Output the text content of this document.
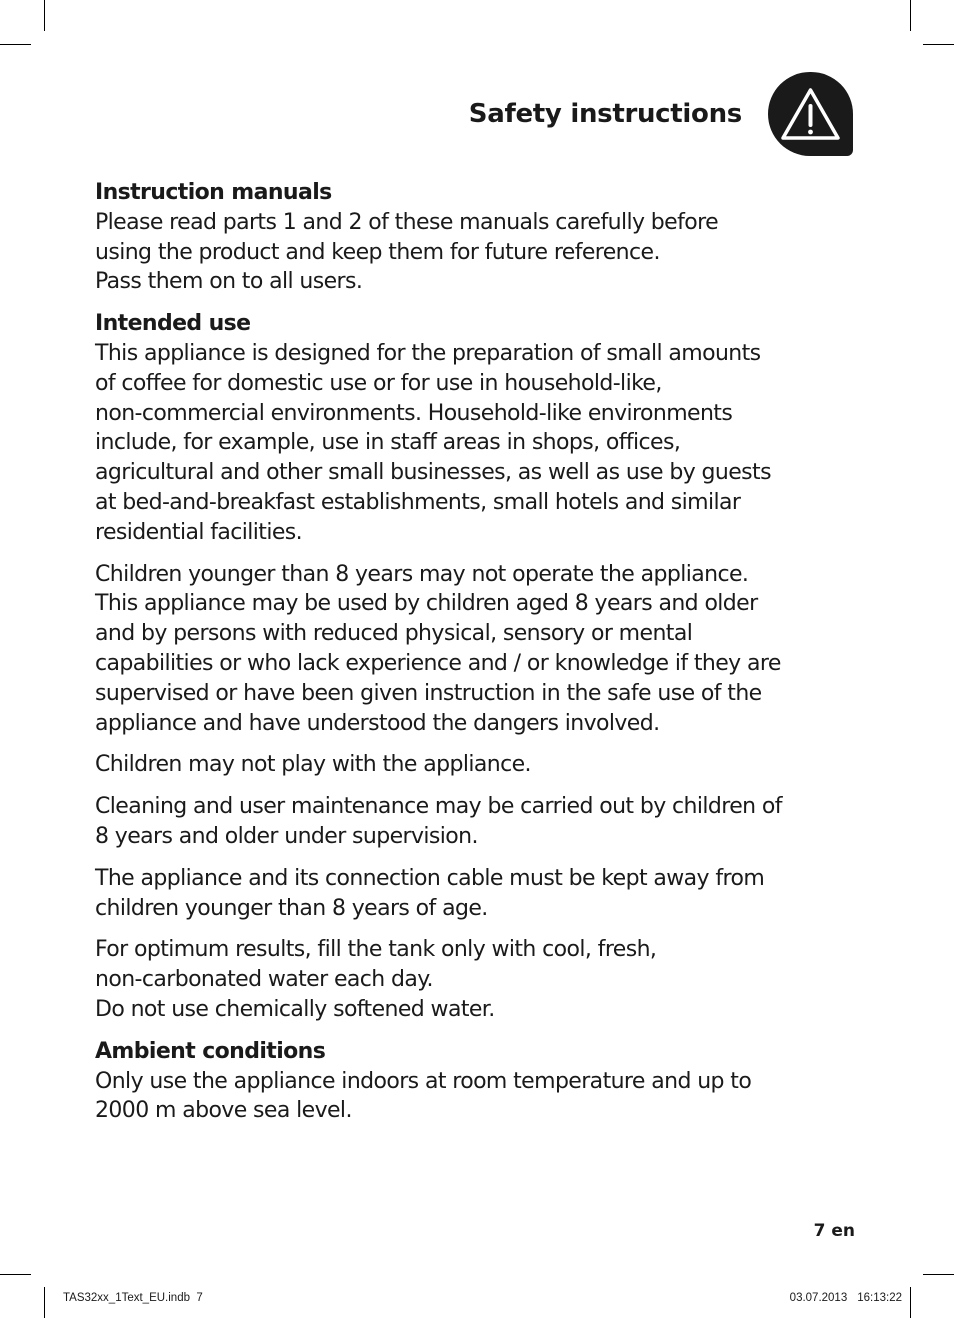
Safety instructions
Instruction manuals

Please read parts 1 and 2 of these manuals carefully before
using the product and keep them for future reference.
Pass them on to all users.

Intended use

This appliance is designed for the preparation of small amounts
of coffee for domestic use or for use in household-like,
non-commercial environments. Household-like environments
include, for example, use in staff areas in shops, offices,
agricultural and other small businesses, as well as use by guests
at bed-and-breakfast establishments, small hotels and similar
residential facilities.

Children younger than 8 years may not operate the appliance.
This appliance may be used by children aged 8 years and older
and by persons with reduced physical, sensory or mental
capabilities or who lack experience and / or knowledge if they are
supervised or have been given instruction in the safe use of the
appliance and have understood the dangers involved.

Children may not play with the appliance.

Cleaning and user maintenance may be carried out by children of
8 years and older under supervision.

The appliance and its connection cable must be kept away from
children younger than 8 years of age.

For optimum results, fill the tank only with cool, fresh,
non-carbonated water each day.
Do not use chemically softened water.

Ambient conditions

Only use the appliance indoors at room temperature and up to
2000 m above sea level.

7 en
TAS32xx_1Text_EU.indb 7	03.07.2013 16:13:22
